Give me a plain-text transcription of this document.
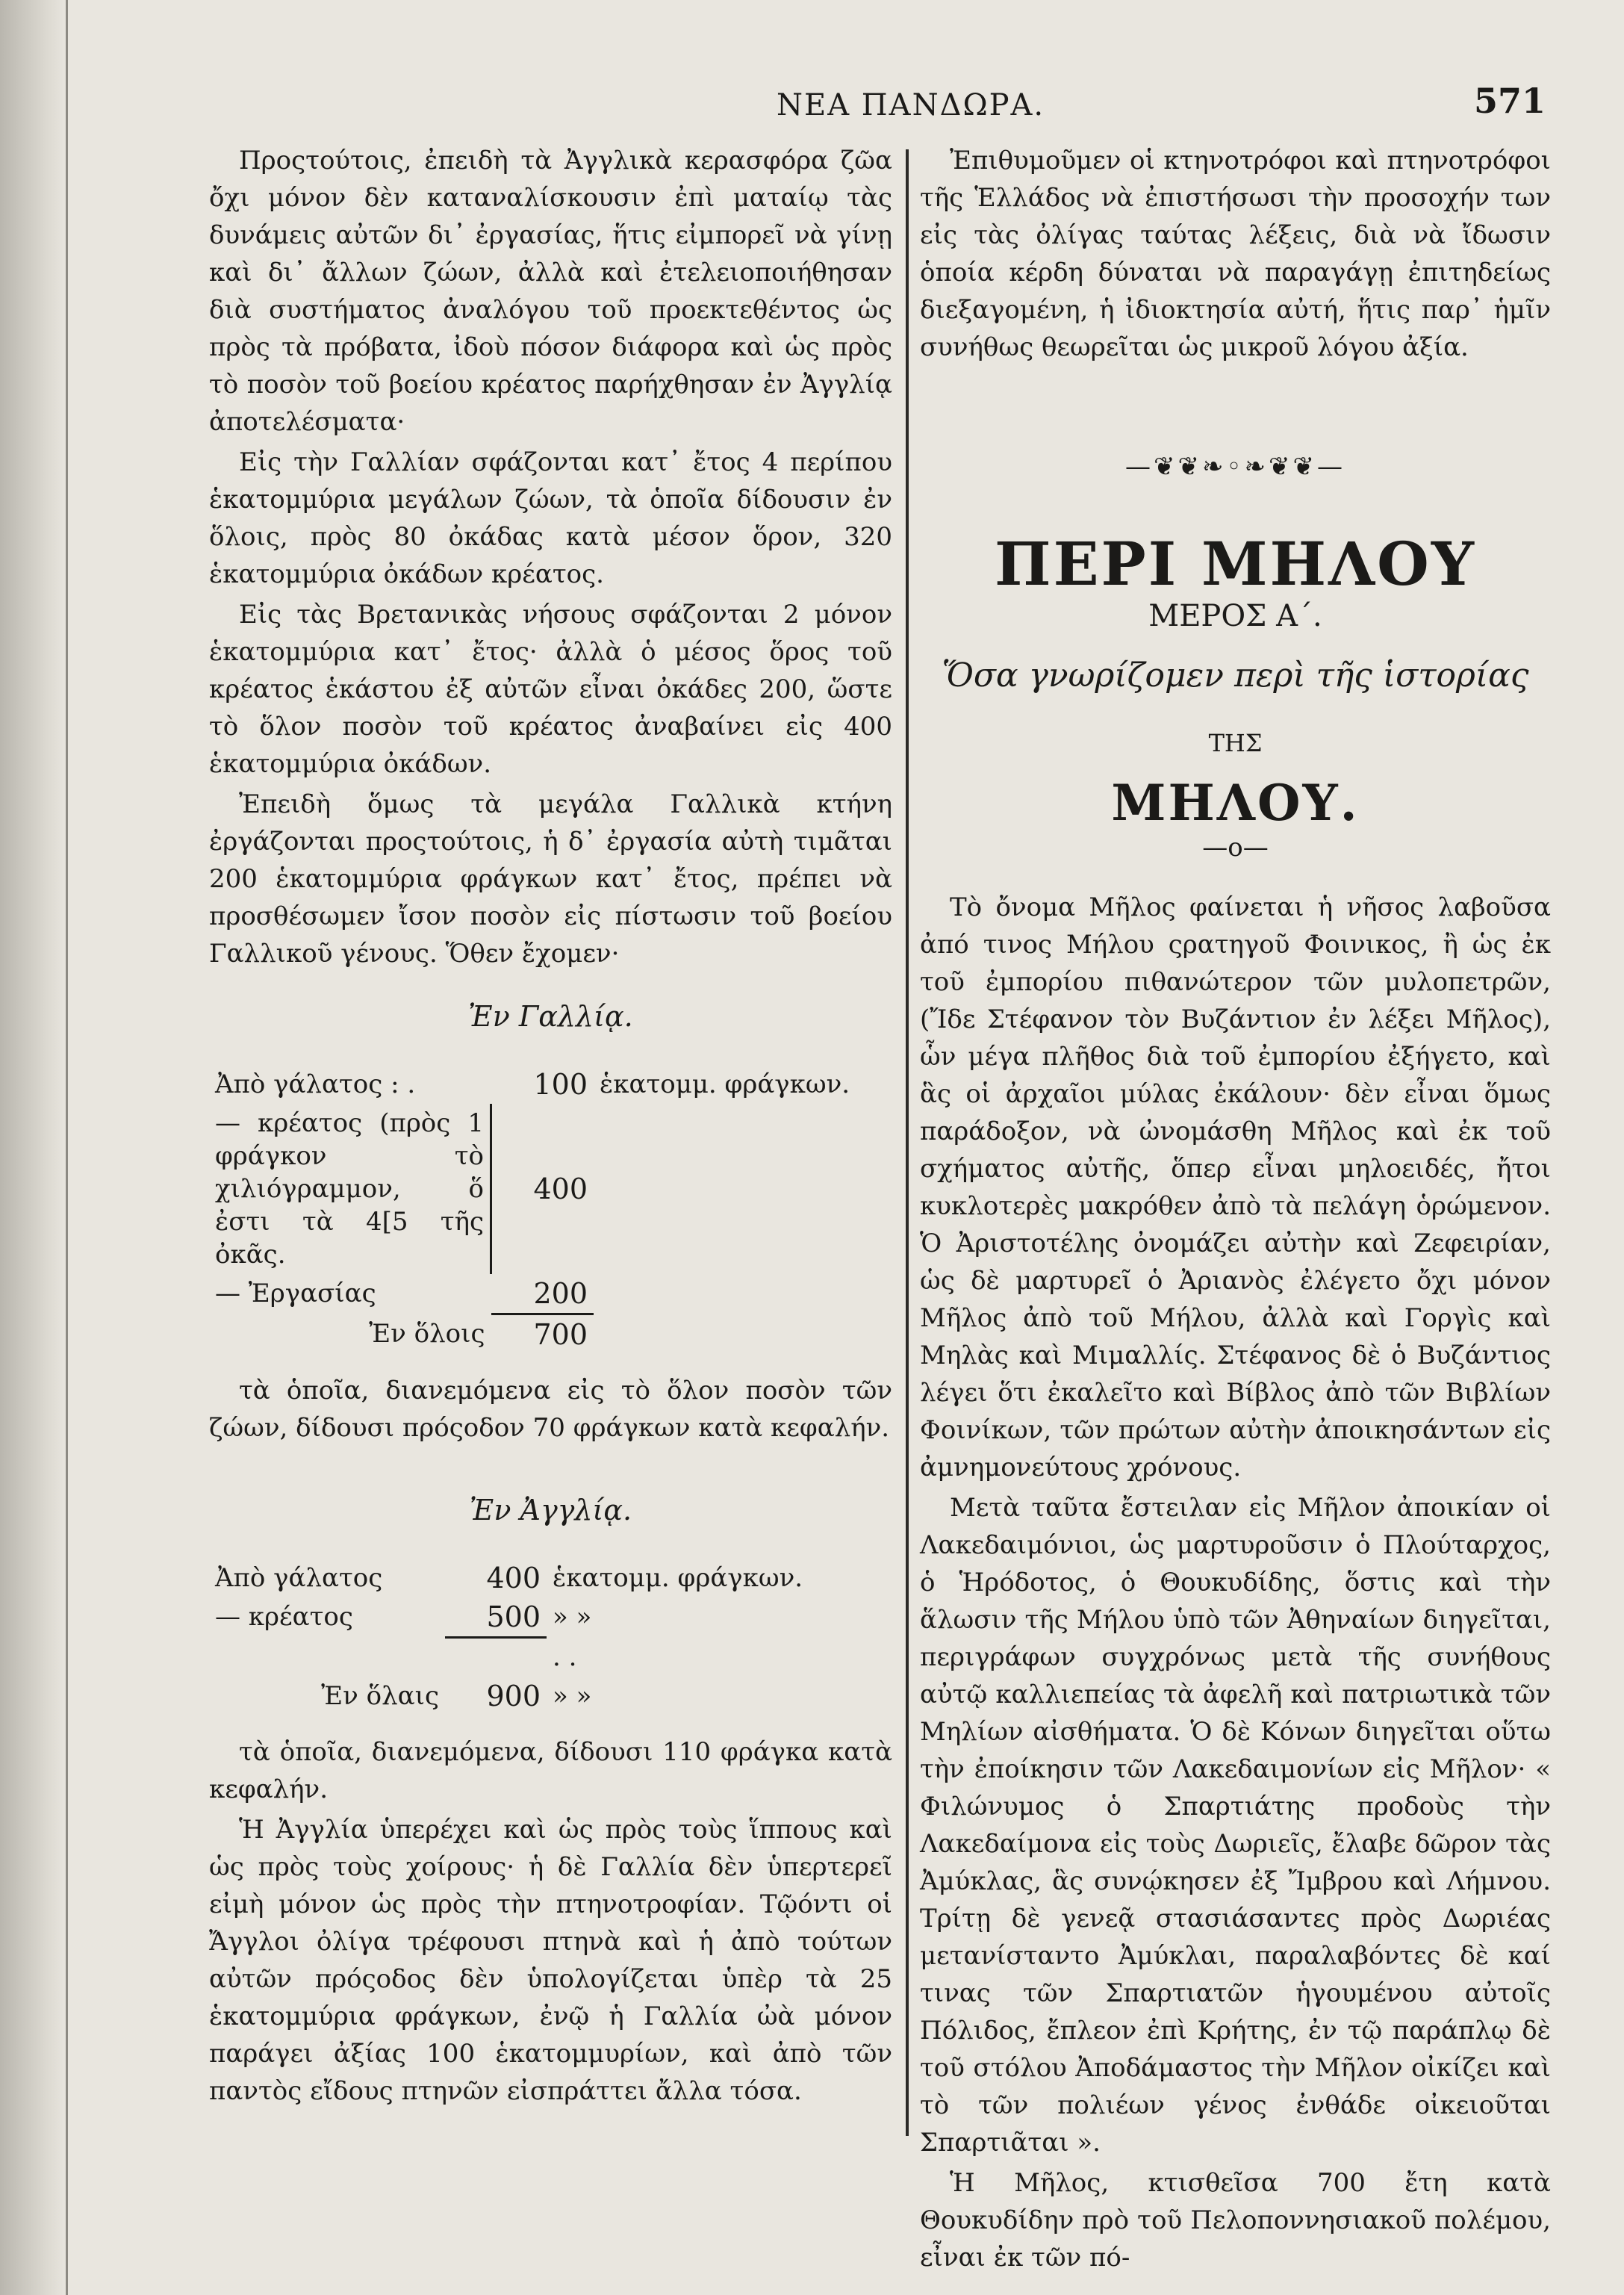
ΝΕΑ ΠΑΝΔΩΡΑ.	571

Προςτούτοις, ἐπειδὴ τὰ Ἀγγλικὰ κερασφόρα ζῶα ὄχι μόνον δὲν καταναλίσκουσιν ἐπὶ ματαίῳ τὰς δυνάμεις αὐτῶν δι᾽ ἐργασίας, ἥτις εἰμπορεῖ νὰ γίνῃ καὶ δι᾽ ἄλλων ζώων, ἀλλὰ καὶ ἐτελειοποιήθησαν διὰ συστήματος ἀναλόγου τοῦ προεκτεθέντος ὡς πρὸς τὰ πρόβατα, ἰδοὺ πόσον διάφορα καὶ ὡς πρὸς τὸ ποσὸν τοῦ βοείου κρέατος παρήχθησαν ἐν Ἀγγλίᾳ ἀποτελέσματα·

Εἰς τὴν Γαλλίαν σφάζονται κατ᾽ ἔτος 4 περίπου ἑκατομμύρια μεγάλων ζώων, τὰ ὁποῖα δίδουσιν ἐν ὅλοις, πρὸς 80 ὀκάδας κατὰ μέσον ὅρον, 320 ἑκατομμύρια ὀκάδων κρέατος.

Εἰς τὰς Βρετανικὰς νήσους σφάζονται 2 μόνον ἑκατομμύρια κατ᾽ ἔτος· ἀλλὰ ὁ μέσος ὅρος τοῦ κρέατος ἑκάστου ἐξ αὐτῶν εἶναι ὀκάδες 200, ὥστε τὸ ὅλον ποσὸν τοῦ κρέατος ἀναβαίνει εἰς 400 ἑκατομμύρια ὀκάδων.

Ἐπειδὴ ὅμως τὰ μεγάλα Γαλλικὰ κτήνη ἐργάζονται προςτούτοις, ἡ δ᾽ ἐργασία αὐτὴ τιμᾶται 200 ἑκατομμύρια φράγκων κατ᾽ ἔτος, πρέπει νὰ προσθέσωμεν ἴσον ποσὸν εἰς πίστωσιν τοῦ βοείου Γαλλικοῦ γένους. Ὅθεν ἔχομεν·

Ἐν Γαλλίᾳ.
Ἀπὸ γάλατος : .	100	ἑκατομμ. φράγκων.
— κρέατος (πρὸς 1 φράγκον τὸ χιλιόγραμμον, ὅ ἐστι τὰ 4[5 τῆς ὀκᾶς.	400	
— Ἐργασίας	200	
Ἐν ὅλοις	700	

τὰ ὁποῖα, διανεμόμενα εἰς τὸ ὅλον ποσὸν τῶν ζώων, δίδουσι πρόςοδον 70 φράγκων κατὰ κεφαλήν.

Ἐν Ἀγγλίᾳ.
Ἀπὸ γάλατος	400	ἑκατομμ. φράγκων.
— κρέατος	500	» »
		. .
Ἐν ὅλαις	900	» »

τὰ ὁποῖα, διανεμόμενα, δίδουσι 110 φράγκα κατὰ κεφαλήν.

Ἡ Ἀγγλία ὑπερέχει καὶ ὡς πρὸς τοὺς ἵππους καὶ ὡς πρὸς τοὺς χοίρους· ἡ δὲ Γαλλία δὲν ὑπερτερεῖ εἰμὴ μόνον ὡς πρὸς τὴν πτηνοτροφίαν. Τῷόντι οἱ Ἄγγλοι ὀλίγα τρέφουσι πτηνὰ καὶ ἡ ἀπὸ τούτων αὐτῶν πρόςοδος δὲν ὑπολογίζεται ὑπὲρ τὰ 25 ἑκατομμύρια φράγκων, ἐνῷ ἡ Γαλλία ὠὰ μόνον παράγει ἀξίας 100 ἑκατομμυρίων, καὶ ἀπὸ τῶν παντὸς εἴδους πτηνῶν εἰσπράττει ἄλλα τόσα.

Ἐπιθυμοῦμεν οἱ κτηνοτρόφοι καὶ πτηνοτρόφοι τῆς Ἑλλάδος νὰ ἐπιστήσωσι τὴν προσοχήν των εἰς τὰς ὀλίγας ταύτας λέξεις, διὰ νὰ ἴδωσιν ὁποία κέρδη δύναται νὰ παραγάγῃ ἐπιτηδείως διεξαγομένη, ἡ ἰδιοκτησία αὐτή, ἥτις παρ᾽ ἡμῖν συνήθως θεωρεῖται ὡς μικροῦ λόγου ἀξία.

—❦❦❧◦❧❦❦—
ΠΕΡΙ ΜΗΛΟΥ
ΜΕΡΟΣ Α΄.
Ὅσα γνωρίζομεν περὶ τῆς ἱστορίας
ΤΗΣ
ΜΗΛΟΥ.
—o—

Τὸ ὄνομα Μῆλος φαίνεται ἡ νῆσος λαβοῦσα ἀπό τινος Μήλου ςρατηγοῦ Φοινικος, ἢ ὡς ἐκ τοῦ ἐμπορίου πιθανώτερον τῶν μυλοπετρῶν, (Ἴδε Στέφανον τὸν Βυζάντιον ἐν λέξει Μῆλος), ὧν μέγα πλῆθος διὰ τοῦ ἐμπορίου ἐξήγετο, καὶ ἃς οἱ ἀρχαῖοι μύλας ἐκάλουν· δὲν εἶναι ὅμως παράδοξον, νὰ ὠνομάσθη Μῆλος καὶ ἐκ τοῦ σχήματος αὐτῆς, ὅπερ εἶναι μηλοειδές, ἤτοι κυκλοτερὲς μακρόθεν ἀπὸ τὰ πελάγη ὁρώμενον. Ὁ Ἀριστοτέλης ὀνομάζει αὐτὴν καὶ Ζεφειρίαν, ὡς δὲ μαρτυρεῖ ὁ Ἀριανὸς ἐλέγετο ὄχι μόνον Μῆλος ἀπὸ τοῦ Μήλου, ἀλλὰ καὶ Γοργὶς καὶ Μηλὰς καὶ Μιμαλλίς. Στέφανος δὲ ὁ Βυζάντιος λέγει ὅτι ἐκαλεῖτο καὶ Βίβλος ἀπὸ τῶν Βιβλίων Φοινίκων, τῶν πρώτων αὐτὴν ἀποικησάντων εἰς ἀμνημονεύτους χρόνους.

Μετὰ ταῦτα ἔστειλαν εἰς Μῆλον ἀποικίαν οἱ Λακεδαιμόνιοι, ὡς μαρτυροῦσιν ὁ Πλούταρχος, ὁ Ἡρόδοτος, ὁ Θουκυδίδης, ὅστις καὶ τὴν ἅλωσιν τῆς Μήλου ὑπὸ τῶν Ἀθηναίων διηγεῖται, περιγράφων συγχρόνως μετὰ τῆς συνήθους αὐτῷ καλλιεπείας τὰ ἀφελῆ καὶ πατριωτικὰ τῶν Μηλίων αἰσθήματα. Ὁ δὲ Κόνων διηγεῖται οὕτω τὴν ἐποίκησιν τῶν Λακεδαιμονίων εἰς Μῆλον· « Φιλώνυμος ὁ Σπαρτιάτης προδοὺς τὴν Λακεδαίμονα εἰς τοὺς Δωριεῖς, ἔλαβε δῶρον τὰς Ἀμύκλας, ἃς συνῴκησεν ἐξ Ἴμβρου καὶ Λήμνου. Τρίτῃ δὲ γενεᾷ στασιάσαντες πρὸς Δωριέας μετανίσταντο Ἀμύκλαι, παραλαβόντες δὲ καί τινας τῶν Σπαρτιατῶν ἡγουμένου αὐτοῖς Πόλιδος, ἔπλεον ἐπὶ Κρήτης, ἐν τῷ παράπλῳ δὲ τοῦ στόλου Ἀποδάμαστος τὴν Μῆλον οἰκίζει καὶ τὸ τῶν πολιέων γένος ἐνθάδε οἰκειοῦται Σπαρτιᾶται ».

Ἡ Μῆλος, κτισθεῖσα 700 ἔτη κατὰ Θουκυδίδην πρὸ τοῦ Πελοποννησιακοῦ πολέμου, εἶναι ἐκ τῶν πό-
